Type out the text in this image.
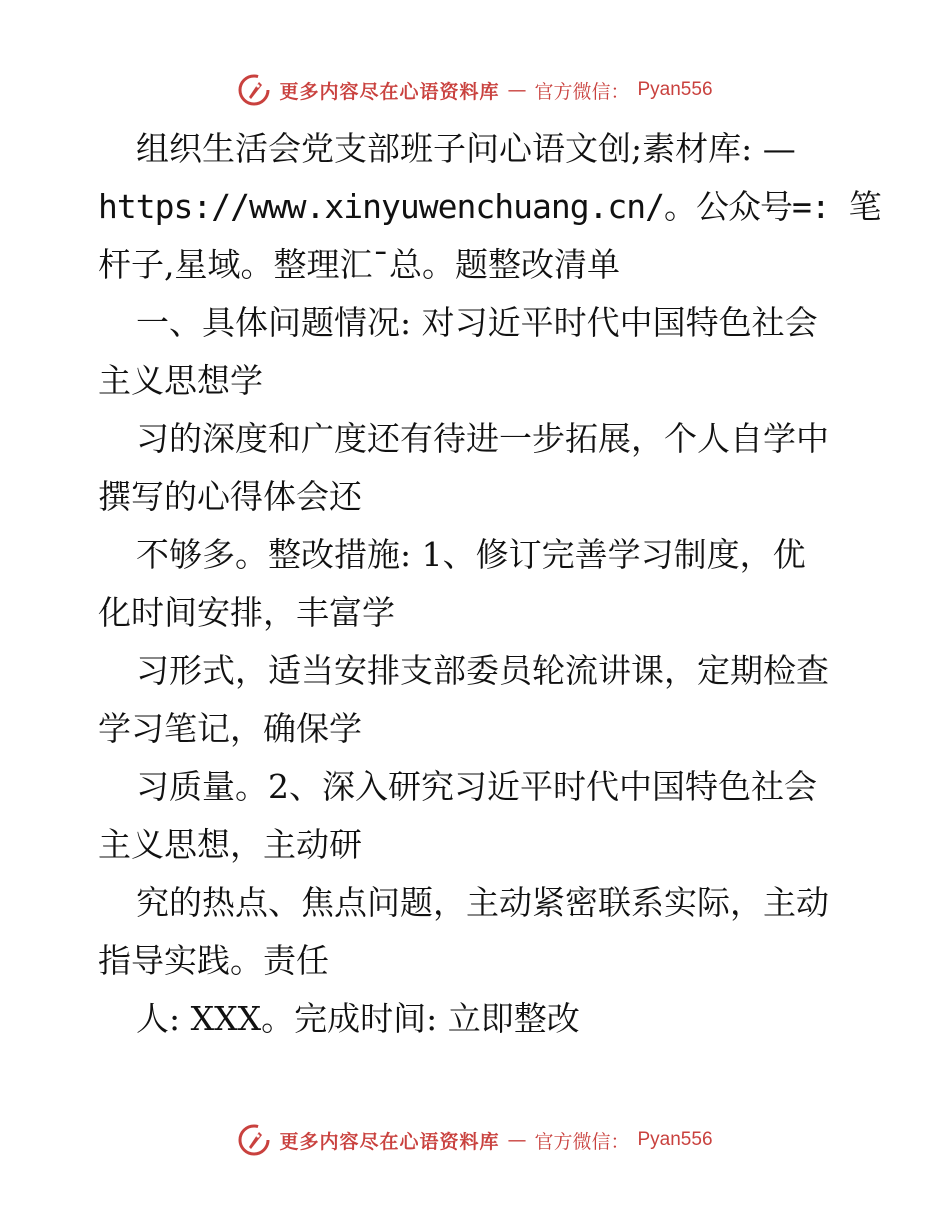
更多内容尽在心语资料库 — 官方微信： Pyan556
组织生活会党支部班子问心语文创;素材库: —
https://www.xinyuwenchuang.cn/。公众号=: 笔
杆子,星域。整理汇¯总。题整改清单
一、具体问题情况: 对习近平时代中国特色社会
主义思想学
习的深度和广度还有待进一步拓展，个人自学中
撰写的心得体会还
不够多。整改措施: 1、修订完善学习制度，优
化时间安排，丰富学
习形式，适当安排支部委员轮流讲课，定期检查
学习笔记，确保学
习质量。2、深入研究习近平时代中国特色社会
主义思想，主动研
究的热点、焦点问题，主动紧密联系实际，主动
指导实践。责任
人: XXX。完成时间: 立即整改
更多内容尽在心语资料库 — 官方微信： Pyan556
